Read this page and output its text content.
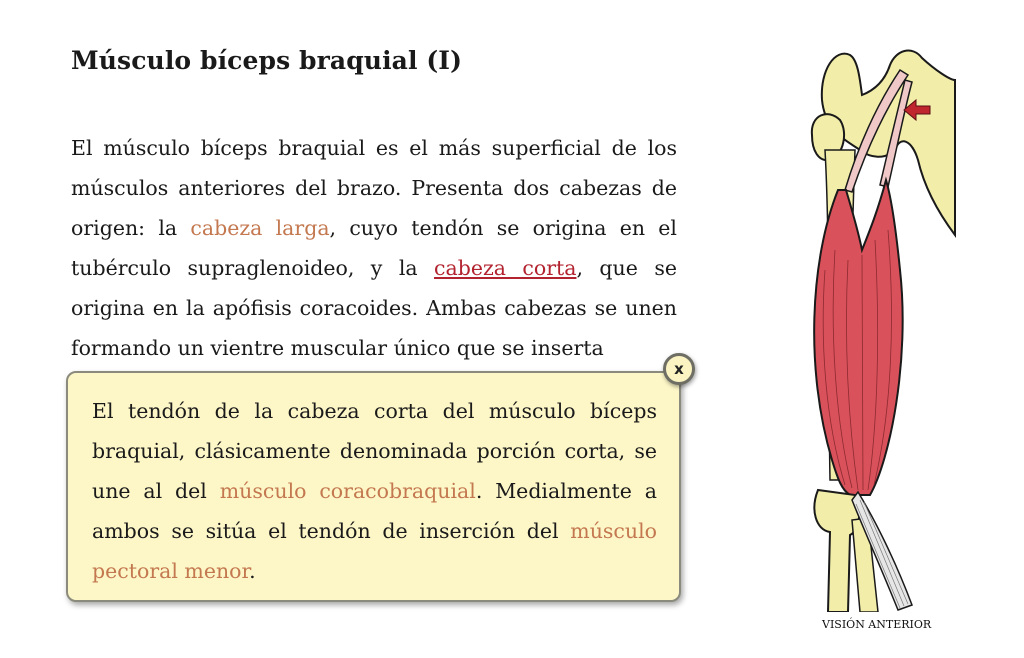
Músculo bíceps braquial (I)

El músculo bíceps braquial es el más superficial de los músculos anteriores del brazo. Presenta dos cabezas de origen: la cabeza larga, cuyo tendón se origina en el tubérculo supraglenoideo, y la cabeza corta, que se origina en la apófisis coracoides. Ambas cabezas se unen formando un vientre muscular único que se inserta

El tendón de la cabeza corta del músculo bíceps braquial, clásicamente denominada porción corta, se une al del músculo coracobraquial. Medialmente a ambos se sitúa el tendón de inserción del músculo pectoral menor.

x

VISIÓN ANTERIOR
